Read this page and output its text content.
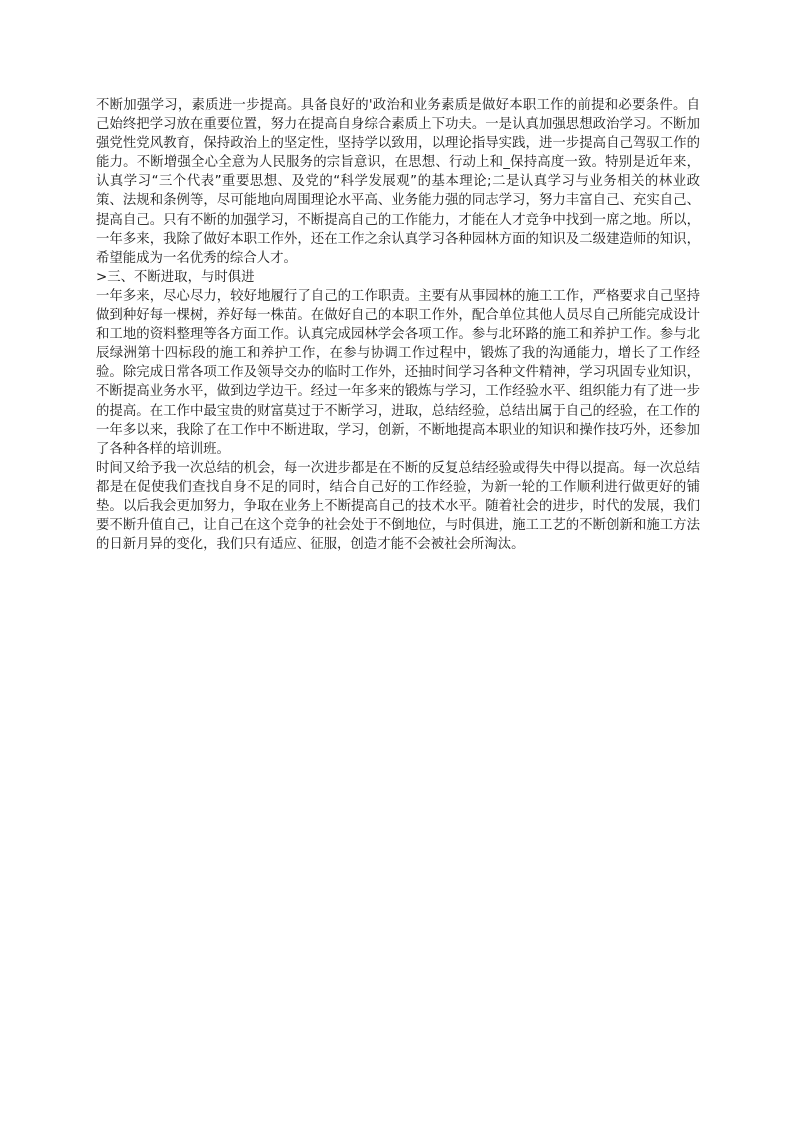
不断加强学习，素质进一步提高。具备良好的'政治和业务素质是做好本职工作的前提和必要条件。自己始终把学习放在重要位置，努力在提高自身综合素质上下功夫。一是认真加强思想政治学习。不断加强党性党风教育，保持政治上的坚定性，坚持学以致用，以理论指导实践，进一步提高自己驾驭工作的能力。不断增强全心全意为人民服务的宗旨意识，在思想、行动上和_保持高度一致。特别是近年来，认真学习“三个代表”重要思想、及党的“科学发展观”的基本理论;二是认真学习与业务相关的林业政策、法规和条例等，尽可能地向周围理论水平高、业务能力强的同志学习，努力丰富自己、充实自己、提高自己。只有不断的加强学习，不断提高自己的工作能力，才能在人才竞争中找到一席之地。所以，一年多来，我除了做好本职工作外，还在工作之余认真学习各种园林方面的知识及二级建造师的知识，希望能成为一名优秀的综合人才。

>三、不断进取，与时俱进

一年多来，尽心尽力，较好地履行了自己的工作职责。主要有从事园林的施工工作，严格要求自己坚持做到种好每一棵树，养好每一株苗。在做好自己的本职工作外，配合单位其他人员尽自己所能完成设计和工地的资料整理等各方面工作。认真完成园林学会各项工作。参与北环路的施工和养护工作。参与北辰绿洲第十四标段的施工和养护工作，在参与协调工作过程中，锻炼了我的沟通能力，增长了工作经验。除完成日常各项工作及领导交办的临时工作外，还抽时间学习各种文件精神，学习巩固专业知识，不断提高业务水平，做到边学边干。经过一年多来的锻炼与学习，工作经验水平、组织能力有了进一步的提高。在工作中最宝贵的财富莫过于不断学习，进取，总结经验，总结出属于自己的经验，在工作的一年多以来，我除了在工作中不断进取，学习，创新，不断地提高本职业的知识和操作技巧外，还参加了各种各样的培训班。

时间又给予我一次总结的机会，每一次进步都是在不断的反复总结经验或得失中得以提高。每一次总结都是在促使我们查找自身不足的同时，结合自己好的工作经验，为新一轮的工作顺利进行做更好的铺垫。以后我会更加努力，争取在业务上不断提高自己的技术水平。随着社会的进步，时代的发展，我们要不断升值自己，让自己在这个竞争的社会处于不倒地位，与时俱进，施工工艺的不断创新和施工方法的日新月异的变化，我们只有适应、征服，创造才能不会被社会所淘汰。
